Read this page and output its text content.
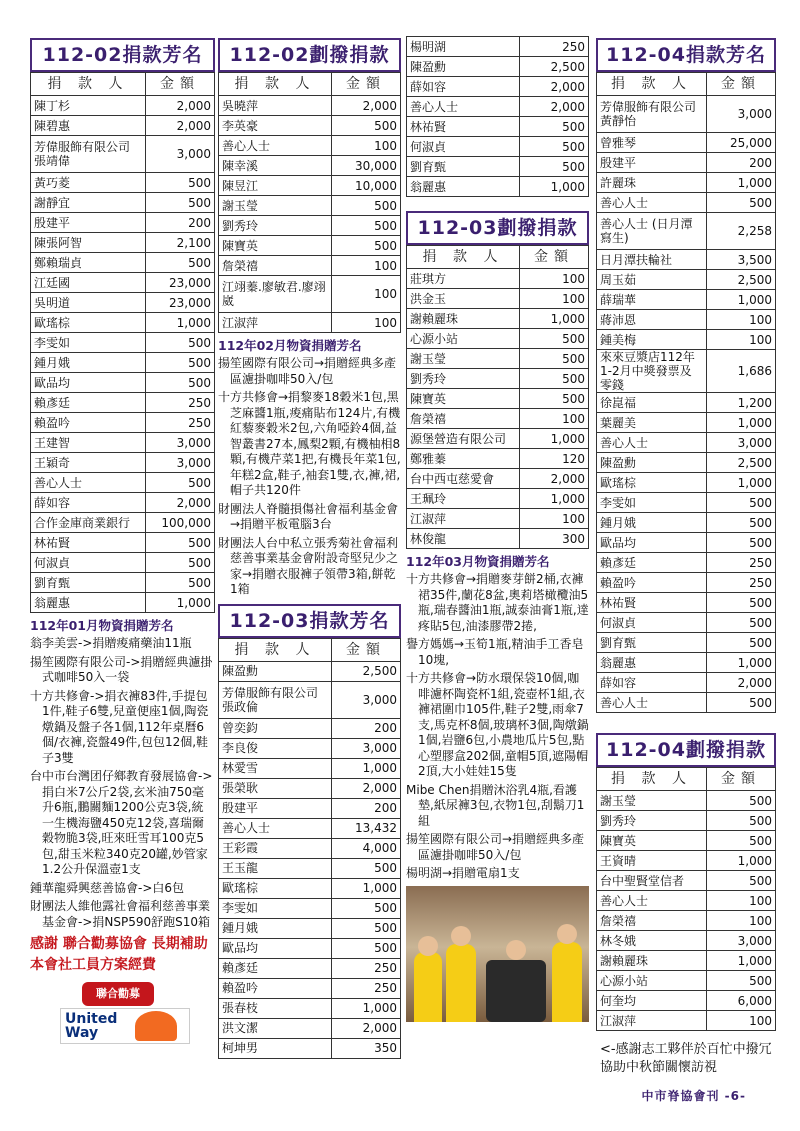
112-02捐款芳名
捐 款 人	金額
陳丁杉	2,000
陳碧惠	2,000
芳偉服飾有限公司 張靖偉	3,000
黃巧菱	500
謝靜宜	500
殷建平	200
陳張阿智	2,100
鄭賴瑞貞	500
江廷國	23,000
吳明道	23,000
歐瑤棕	1,000
李雯如	500
鍾月娥	500
歐品均	500
賴彥廷	250
賴盈吟	250
王建智	3,000
王穎奇	3,000
善心人士	500
薛如容	2,000
合作金庫商業銀行	100,000
林祐賢	500
何淑貞	500
劉育甄	500
翁麗惠	1,000
112年01月物資捐贈芳名

翁李美雲->捐贈痠痛藥油11瓶

揚笙國際有限公司->捐贈經典濾掛式咖啡50入一袋

十方共修會->捐衣褲83件,手提包1件,鞋子6雙,兒童便座1個,陶瓷燉鍋及盤子各1個,112年桌曆6個/衣褲,瓷盤49件,包包12個,鞋子3雙

台中市台灣团仔鄉教育發展協會->捐白米7公斤2袋,玄米油750毫升6瓶,鵬關麵1200公克3袋,統一生機海鹽450克12袋,喜瑞爾穀物脆3袋,旺來旺雪耳100克5包,甜玉米粒340克20罐,妙管家1.2公升保溫壺1支

鍾華龍舜興慈善協會->白6包

財團法人維他露社會福利慈善事業基金會->捐NSP590舒跑S10箱

感謝 聯合勸募協會 長期補助本會社工員方案經費
聯合勸募
United Way
112-02劃撥捐款
捐 款 人	金額
吳曉萍	2,000
李英豪	500
善心人士	100
陳幸溪	30,000
陳昱江	10,000
謝玉瑩	500
劉秀玲	500
陳寶英	500
詹榮禧	100
江翊蓁.廖敏君.廖翊崴	100
江淑萍	100
112年02月物資捐贈芳名

揚笙國際有限公司→捐贈經典多產區濾掛咖啡50入/包

十方共修會→捐黎麥18穀米1包,黑芝麻醬1瓶,痠痛貼布124片,有機紅藜麥穀米2包,六角啞鈴4個,益智叢書27本,鳳梨2顆,有機柚相8顆,有機芹菜1把,有機長年菜1包,年糕2盒,鞋子,袖套1雙,衣,褲,裙,帽子共120件

財團法人脊髓損傷社會福利基金會→捐贈平板電腦3台

財團法人台中私立張秀菊社會福利慈善事業基金會附設奇堅兒少之家→捐贈衣服褲子領帶3箱,餅乾1箱

112-03捐款芳名
捐 款 人	金額
陳盈勳	2,500
芳偉服飾有限公司 張政倫	3,000
曾奕鈞	200
李良俊	3,000
林愛雪	1,000
張榮耿	2,000
殷建平	200
善心人士	13,432
王彩霞	4,000
王玉龍	500
歐瑤棕	1,000
李雯如	500
鍾月娥	500
歐品均	500
賴彥廷	250
賴盈吟	250
張春枝	1,000
洪文潔	2,000
柯坤男	350
楊明湖	250
陳盈勳	2,500
薛如容	2,000
善心人士	2,000
林祐賢	500
何淑貞	500
劉育甄	500
翁麗惠	1,000
112-03劃撥捐款
捐 款 人	金額
莊琪方	100
洪金玉	100
謝賴麗珠	1,000
心源小站	500
謝玉瑩	500
劉秀玲	500
陳寶英	500
詹榮禧	100
源堡營造有限公司	1,000
鄭雅蓁	120
台中西屯慈愛會	2,000
王珮玲	1,000
江淑萍	100
林俊龍	300
112年03月物資捐贈芳名

十方共修會→捐贈麥芽餅2桶,衣褲裙35件,蘭花8盆,奧莉塔橄欖油5瓶,瑞春醬油1瓶,誠泰油膏1瓶,達疼貼5包,油漆膠帶2捲,

譽方媽媽→玉筍1瓶,精油手工香皂10塊,

十方共修會→防水環保袋10個,咖啡濾杯陶瓷杯1組,瓷壺杯1組,衣褲裙圍巾105件,鞋子2雙,雨傘7支,馬克杯8個,玻璃杯3個,陶燉鍋1個,岩鹽6包,小農地瓜片5包,點心塑膠盒202個,童帽5頂,遮陽帽2頂,大小娃娃15隻

Mibe Chen捐贈沐浴乳4瓶,看護墊,紙尿褲3包,衣物1包,刮鬍刀1組

揚笙國際有限公司→捐贈經典多產區濾掛咖啡50入/包

楊明湖→捐贈電扇1支

112-04捐款芳名
捐 款 人	金額
芳偉服飾有限公司 黃靜怡	3,000
曾雅琴	25,000
殷建平	200
許麗珠	1,000
善心人士	500
善心人士 (日月潭寫生)	2,258
日月潭扶輪社	3,500
周玉茹	2,500
薛瑞華	1,000
蔣沛恩	100
鍾美梅	100
來來豆漿店112年1-2月中獎發票及零錢	1,686
徐崑福	1,200
葉麗美	1,000
善心人士	3,000
陳盈勳	2,500
歐瑤棕	1,000
李雯如	500
鍾月娥	500
歐品均	500
賴彥廷	250
賴盈吟	250
林祐賢	500
何淑貞	500
劉育甄	500
翁麗惠	1,000
薛如容	2,000
善心人士	500
112-04劃撥捐款
捐 款 人	金額
謝玉瑩	500
劉秀玲	500
陳寶英	500
王資晴	1,000
台中聖賢堂信者	500
善心人士	100
詹榮禧	100
林冬娥	3,000
謝賴麗珠	1,000
心源小站	500
何奎均	6,000
江淑萍	100
<-感謝志工夥伴於百忙中撥冗協助中秋節關懷訪視
中市脊協會刊 -6-
